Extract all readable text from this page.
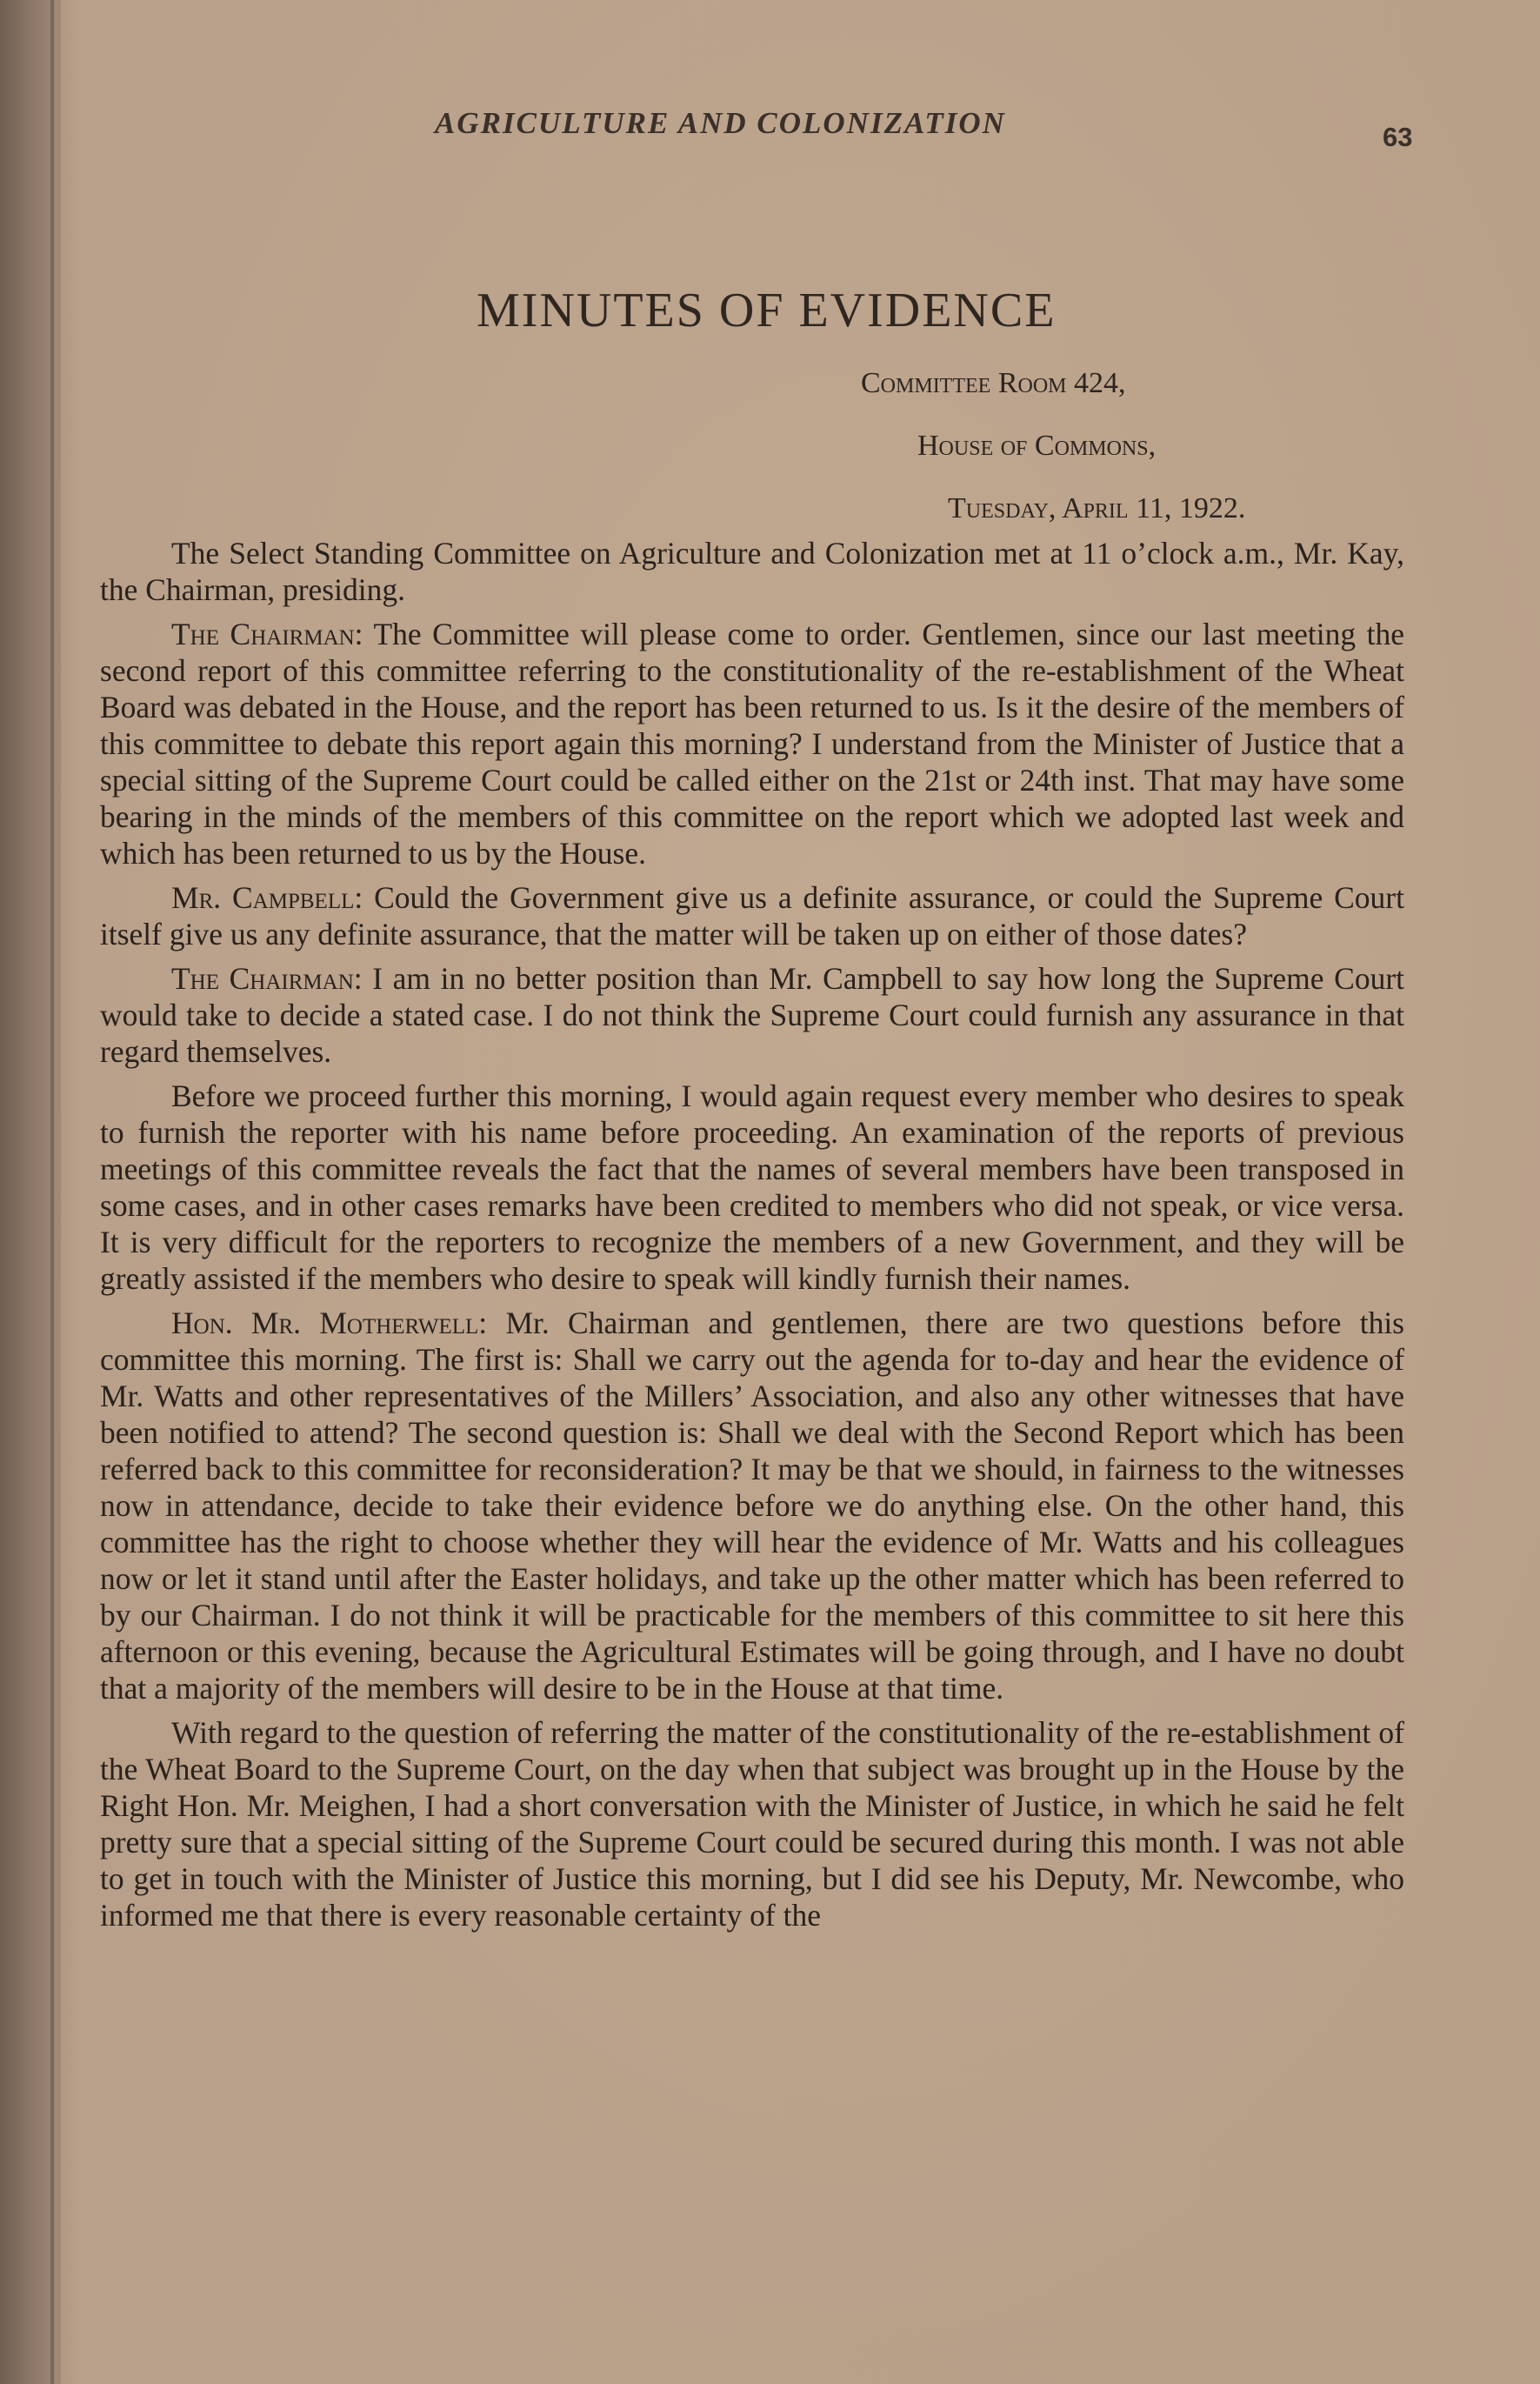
AGRICULTURE AND COLONIZATION	63
MINUTES OF EVIDENCE
Committee Room 424,
House of Commons,
Tuesday, April 11, 1922.

The Select Standing Committee on Agriculture and Colonization met at 11 o’clock a.m., Mr. Kay, the Chairman, presiding.

The Chairman: The Committee will please come to order. Gentlemen, since our last meeting the second report of this committee referring to the constitutionality of the re-establishment of the Wheat Board was debated in the House, and the report has been returned to us. Is it the desire of the members of this committee to debate this report again this morning? I understand from the Minister of Justice that a special sitting of the Supreme Court could be called either on the 21st or 24th inst. That may have some bearing in the minds of the members of this committee on the report which we adopted last week and which has been returned to us by the House.

Mr. Campbell: Could the Government give us a definite assurance, or could the Supreme Court itself give us any definite assurance, that the matter will be taken up on either of those dates?

The Chairman: I am in no better position than Mr. Campbell to say how long the Supreme Court would take to decide a stated case. I do not think the Supreme Court could furnish any assurance in that regard themselves.

Before we proceed further this morning, I would again request every member who desires to speak to furnish the reporter with his name before proceeding. An examination of the reports of previous meetings of this committee reveals the fact that the names of several members have been transposed in some cases, and in other cases remarks have been credited to members who did not speak, or vice versa. It is very difficult for the reporters to recognize the members of a new Government, and they will be greatly assisted if the members who desire to speak will kindly furnish their names.

Hon. Mr. Motherwell: Mr. Chairman and gentlemen, there are two questions before this committee this morning. The first is: Shall we carry out the agenda for to-day and hear the evidence of Mr. Watts and other representatives of the Millers’ Association, and also any other witnesses that have been notified to attend? The second question is: Shall we deal with the Second Report which has been referred back to this committee for reconsideration? It may be that we should, in fairness to the witnesses now in attendance, decide to take their evidence before we do anything else. On the other hand, this committee has the right to choose whether they will hear the evidence of Mr. Watts and his colleagues now or let it stand until after the Easter holidays, and take up the other matter which has been referred to by our Chairman. I do not think it will be practicable for the members of this committee to sit here this afternoon or this evening, because the Agricultural Estimates will be going through, and I have no doubt that a majority of the members will desire to be in the House at that time.

With regard to the question of referring the matter of the constitutionality of the re-establishment of the Wheat Board to the Supreme Court, on the day when that subject was brought up in the House by the Right Hon. Mr. Meighen, I had a short conversation with the Minister of Justice, in which he said he felt pretty sure that a special sitting of the Supreme Court could be secured during this month. I was not able to get in touch with the Minister of Justice this morning, but I did see his Deputy, Mr. Newcombe, who informed me that there is every reasonable certainty of the
